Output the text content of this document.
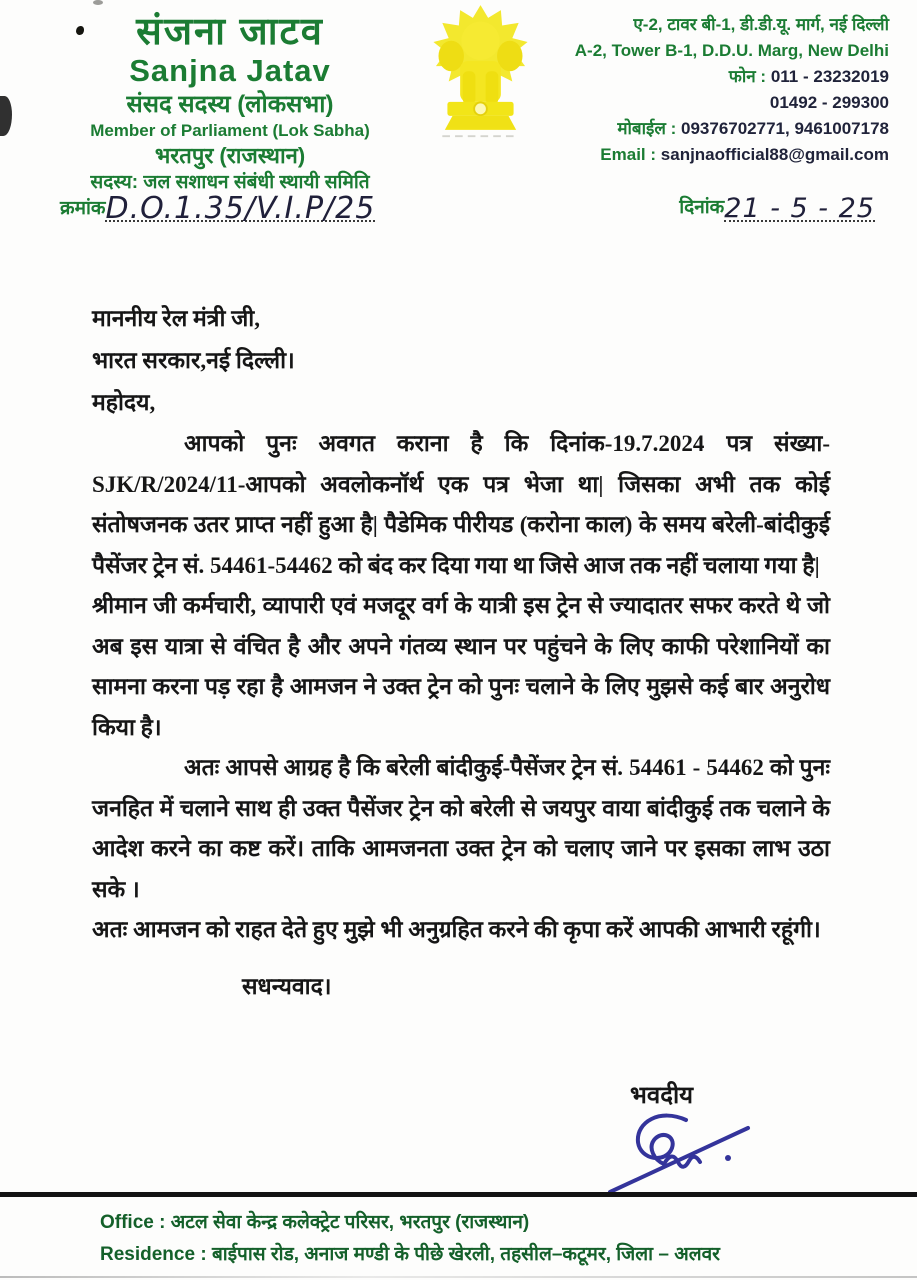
संजना जाटव
Sanjna Jatav
संसद सदस्य (लोकसभा)
Member of Parliament (Lok Sabha)
भरतपुर (राजस्थान)
सदस्य: जल सशाधन संबंधी स्थायी समिति
ए-2, टावर बी-1, डी.डी.यू. मार्ग, नई दिल्ली
A-2, Tower B-1, D.D.U. Marg, New Delhi
फोन : 011 - 23232019
01492 - 299300
मोबाईल : 09376702771, 9461007178
Email : sanjnaofficial88@gmail.com
क्रमांकD.O.1.35/V.I.P/25	दिनांक21 - 5 - 25
माननीय रेल मंत्री जी,
भारत सरकार,नई दिल्ली।
महोदय,
आपको पुनः अवगत कराना है कि दिनांक-19.7.2024 पत्र संख्या-SJK/R/2024/11-आपको अवलोकनॉर्थ एक पत्र भेजा था| जिसका अभी तक कोई संतोषजनक उतर प्राप्त नहीं हुआ है| पैडेमिक पीरीयड (करोना काल) के समय बरेली-बांदीकुई पैसेंजर ट्रेन सं. 54461-54462 को बंद कर दिया गया था जिसे आज तक नहीं चलाया गया है|
श्रीमान जी कर्मचारी, व्यापारी एवं मजदूर वर्ग के यात्री इस ट्रेन से ज्यादातर सफर करते थे जो अब इस यात्रा से वंचित है और अपने गंतव्य स्थान पर पहुंचने के लिए काफी परेशानियों का सामना करना पड़ रहा है आमजन ने उक्त ट्रेन को पुनः चलाने के लिए मुझसे कई बार अनुरोध किया है।
अतः आपसे आग्रह है कि बरेली बांदीकुई-पैसेंजर ट्रेन सं. 54461 - 54462 को पुनः जनहित में चलाने साथ ही उक्त पैसेंजर ट्रेन को बरेली से जयपुर वाया बांदीकुई तक चलाने के आदेश करने का कष्ट करें। ताकि आमजनता उक्त ट्रेन को चलाए जाने पर इसका लाभ उठा सके ।
अतः आमजन को राहत देते हुए मुझे भी अनुग्रहित करने की कृपा करें आपकी आभारी रहूंगी।
सधन्यवाद।
भवदीय
Office : अटल सेवा केन्द्र कलेक्ट्रेट परिसर, भरतपुर (राजस्थान)
Residence : बाईपास रोड, अनाज मण्डी के पीछे खेरली, तहसील–कटूमर, जिला – अलवर
